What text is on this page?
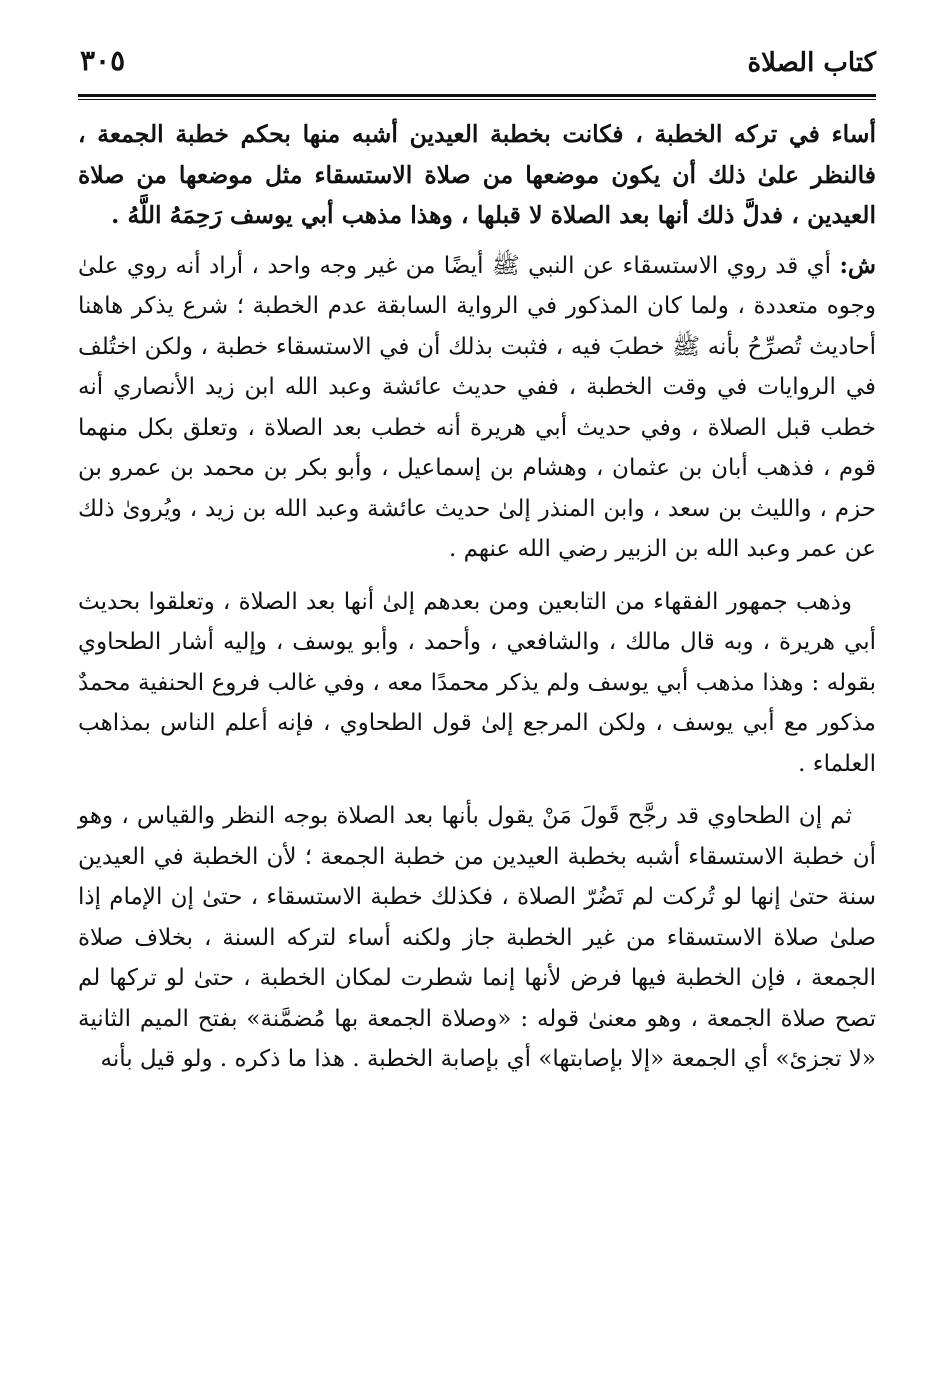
كتاب الصلاة
٣٠٥

أساء في تركه الخطبة ، فكانت بخطبة العيدين أشبه منها بحكم خطبة الجمعة ، فالنظر علىٰ ذلك أن يكون موضعها من صلاة الاستسقاء مثل موضعها من صلاة العيدين ، فدلَّ ذلك أنها بعد الصلاة لا قبلها ، وهذا مذهب أبي يوسف رَحِمَهُ اللَّهُ .

ش: أي قد روي الاستسقاء عن النبي ﷺ أيضًا من غير وجه واحد ، أراد أنه روي علىٰ وجوه متعددة ، ولما كان المذكور في الرواية السابقة عدم الخطبة ؛ شرع يذكر هاهنا أحاديث تُصرِّحُ بأنه ﷺ خطبَ فيه ، فثبت بذلك أن في الاستسقاء خطبة ، ولكن اختُلف في الروايات في وقت الخطبة ، ففي حديث عائشة وعبد الله ابن زيد الأنصاري أنه خطب قبل الصلاة ، وفي حديث أبي هريرة أنه خطب بعد الصلاة ، وتعلق بكل منهما قوم ، فذهب أبان بن عثمان ، وهشام بن إسماعيل ، وأبو بكر بن محمد بن عمرو بن حزم ، والليث بن سعد ، وابن المنذر إلىٰ حديث عائشة وعبد الله بن زيد ، ويُروىٰ ذلك عن عمر وعبد الله بن الزبير رضي الله عنهم .

وذهب جمهور الفقهاء من التابعين ومن بعدهم إلىٰ أنها بعد الصلاة ، وتعلقوا بحديث أبي هريرة ، وبه قال مالك ، والشافعي ، وأحمد ، وأبو يوسف ، وإليه أشار الطحاوي بقوله : وهذا مذهب أبي يوسف ولم يذكر محمدًا معه ، وفي غالب فروع الحنفية محمدٌ مذكور مع أبي يوسف ، ولكن المرجع إلىٰ قول الطحاوي ، فإنه أعلم الناس بمذاهب العلماء .

ثم إن الطحاوي قد رجَّح قَولَ مَنْ يقول بأنها بعد الصلاة بوجه النظر والقياس ، وهو أن خطبة الاستسقاء أشبه بخطبة العيدين من خطبة الجمعة ؛ لأن الخطبة في العيدين سنة حتىٰ إنها لو تُركت لم تَضُرّ الصلاة ، فكذلك خطبة الاستسقاء ، حتىٰ إن الإمام إذا صلىٰ صلاة الاستسقاء من غير الخطبة جاز ولكنه أساء لتركه السنة ، بخلاف صلاة الجمعة ، فإن الخطبة فيها فرض لأنها إنما شطرت لمكان الخطبة ، حتىٰ لو تركها لم تصح صلاة الجمعة ، وهو معنىٰ قوله : «وصلاة الجمعة بها مُضمَّنة» بفتح الميم الثانية «لا تجزئ» أي الجمعة «إلا بإصابتها» أي بإصابة الخطبة . هذا ما ذكره . ولو قيل بأنه
